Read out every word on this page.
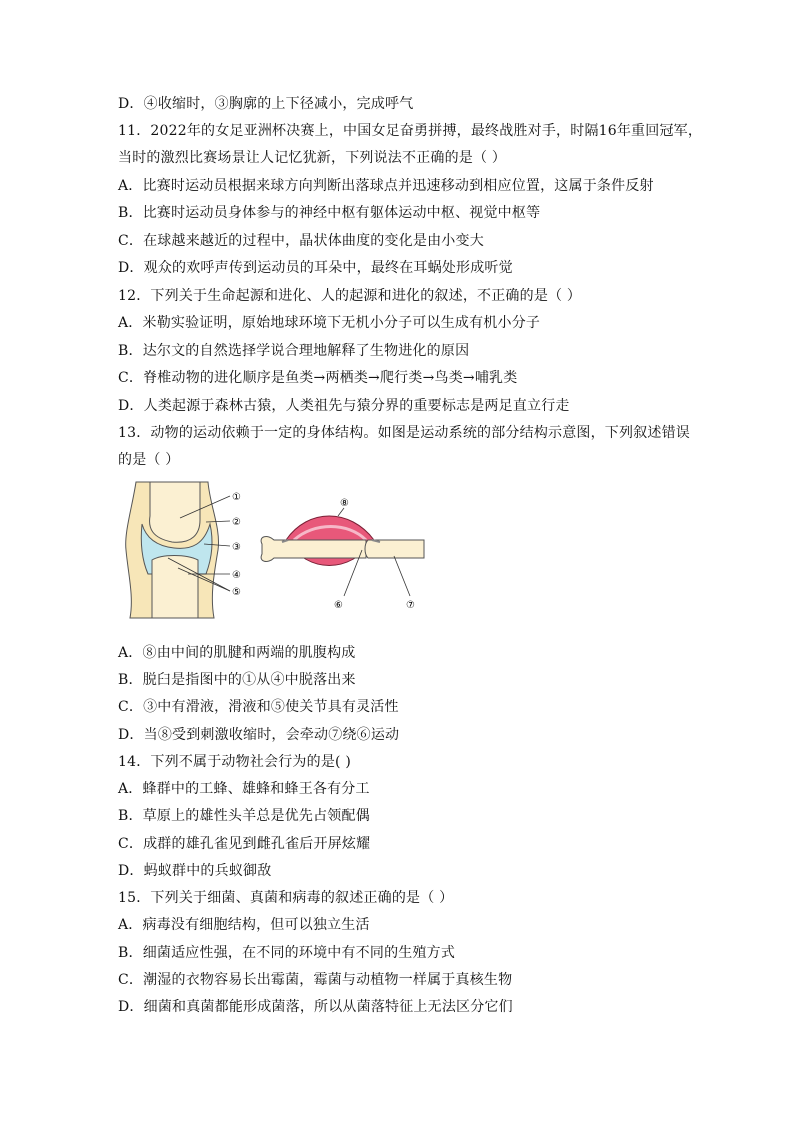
D．④收缩时，③胸廓的上下径减小，完成呼气
11．2022年的女足亚洲杯决赛上，中国女足奋勇拼搏，最终战胜对手，时隔16年重回冠军，
当时的激烈比赛场景让人记忆犹新，下列说法不正确的是（ ）
A．比赛时运动员根据来球方向判断出落球点并迅速移动到相应位置，这属于条件反射
B．比赛时运动员身体参与的神经中枢有躯体运动中枢、视觉中枢等
C．在球越来越近的过程中，晶状体曲度的变化是由小变大
D．观众的欢呼声传到运动员的耳朵中，最终在耳蜗处形成听觉
12．下列关于生命起源和进化、人的起源和进化的叙述，不正确的是（ ）
A．米勒实验证明，原始地球环境下无机小分子可以生成有机小分子
B．达尔文的自然选择学说合理地解释了生物进化的原因
C．脊椎动物的进化顺序是鱼类→两栖类→爬行类→鸟类→哺乳类
D．人类起源于森林古猿，人类祖先与猿分界的重要标志是两足直立行走
13．动物的运动依赖于一定的身体结构。如图是运动系统的部分结构示意图，下列叙述错误
的是（ ）
①
②
③
④
⑤
⑧
⑥	⑦
A．⑧由中间的肌腱和两端的肌腹构成
B．脱臼是指图中的①从④中脱落出来
C．③中有滑液，滑液和⑤使关节具有灵活性
D．当⑧受到刺激收缩时，会牵动⑦绕⑥运动
14．下列不属于动物社会行为的是( )
A．蜂群中的工蜂、雄蜂和蜂王各有分工
B．草原上的雄性头羊总是优先占领配偶
C．成群的雄孔雀见到雌孔雀后开屏炫耀
D．蚂蚁群中的兵蚁御敌
15．下列关于细菌、真菌和病毒的叙述正确的是（ ）
A．病毒没有细胞结构，但可以独立生活
B．细菌适应性强，在不同的环境中有不同的生殖方式
C．潮湿的衣物容易长出霉菌，霉菌与动植物一样属于真核生物
D．细菌和真菌都能形成菌落，所以从菌落特征上无法区分它们
